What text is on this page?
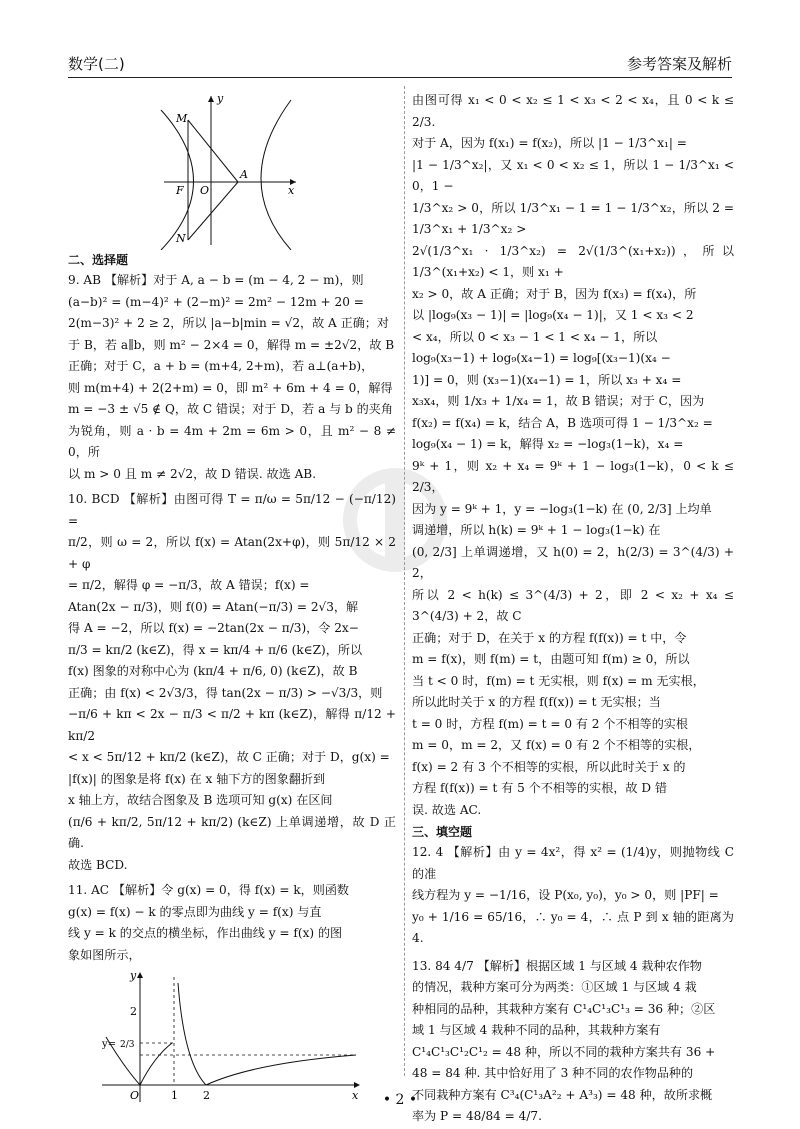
数学(二)	参考答案及解析
x
y
M
N
F O
A

二、选择题

9. AB 【解析】对于 A, a − b = (m − 4, 2 − m)，则

(a−b)² = (m−4)² + (2−m)² = 2m² − 12m + 20 =

2(m−3)² + 2 ≥ 2，所以 |a−b|min = √2，故 A 正确；对

于 B，若 a∥b，则 m² − 2×4 = 0，解得 m = ±2√2，故 B

正确；对于 C，a + b = (m+4, 2+m)，若 a⊥(a+b)，

则 m(m+4) + 2(2+m) = 0，即 m² + 6m + 4 = 0，解得

m = −3 ± √5 ∉ Q，故 C 错误；对于 D，若 a 与 b 的夹角

为锐角，则 a · b = 4m + 2m = 6m > 0，且 m² − 8 ≠ 0，所

以 m > 0 且 m ≠ 2√2，故 D 错误. 故选 AB.

10. BCD 【解析】由图可得 T = π/ω = 5π/12 − (−π/12) =

π/2，则 ω = 2，所以 f(x) = Atan(2x+φ)，则 5π/12 × 2 + φ

= π/2，解得 φ = −π/3，故 A 错误；f(x) =

Atan(2x − π/3)，则 f(0) = Atan(−π/3) = 2√3，解

得 A = −2，所以 f(x) = −2tan(2x − π/3)，令 2x−

π/3 = kπ/2 (k∈Z)，得 x = kπ/4 + π/6 (k∈Z)，所以

f(x) 图象的对称中心为 (kπ/4 + π/6, 0) (k∈Z)，故 B

正确；由 f(x) < 2√3/3，得 tan(2x − π/3) > −√3/3，则

−π/6 + kπ < 2x − π/3 < π/2 + kπ (k∈Z)，解得 π/12 + kπ/2

< x < 5π/12 + kπ/2 (k∈Z)，故 C 正确；对于 D，g(x) =

|f(x)| 的图象是将 f(x) 在 x 轴下方的图象翻折到

x 轴上方，故结合图象及 B 选项可知 g(x) 在区间

(π/6 + kπ/2, 5π/12 + kπ/2) (k∈Z) 上单调递增，故 D 正确.

故选 BCD.

11. AC 【解析】令 g(x) = 0，得 f(x) = k，则函数

g(x) = f(x) − k 的零点即为曲线 y = f(x) 与直

线 y = k 的交点的横坐标，作出曲线 y = f(x) 的图

象如图所示，

y
x
O	1 2
2
y= 2/3

由图可得 x₁ < 0 < x₂ ≤ 1 < x₃ < 2 < x₄，且 0 < k ≤ 2/3.

对于 A，因为 f(x₁) = f(x₂)，所以 |1 − 1/3^x₁| =

|1 − 1/3^x₂|，又 x₁ < 0 < x₂ ≤ 1，所以 1 − 1/3^x₁ < 0，1 −

1/3^x₂ > 0，所以 1/3^x₁ − 1 = 1 − 1/3^x₂，所以 2 = 1/3^x₁ + 1/3^x₂ >

2√(1/3^x₁ · 1/3^x₂) = 2√(1/3^(x₁+x₂))，所以 1/3^(x₁+x₂) < 1，则 x₁ +

x₂ > 0，故 A 正确；对于 B，因为 f(x₃) = f(x₄)，所

以 |log₉(x₃ − 1)| = |log₉(x₄ − 1)|，又 1 < x₃ < 2

< x₄，所以 0 < x₃ − 1 < 1 < x₄ − 1，所以

log₉(x₃−1) + log₉(x₄−1) = log₉[(x₃−1)(x₄ −

1)] = 0，则 (x₃−1)(x₄−1) = 1，所以 x₃ + x₄ =

x₃x₄，则 1/x₃ + 1/x₄ = 1，故 B 错误；对于 C，因为

f(x₂) = f(x₄) = k，结合 A，B 选项可得 1 − 1/3^x₂ =

log₉(x₄ − 1) = k，解得 x₂ = −log₃(1−k)，x₄ =

9ᵏ + 1，则 x₂ + x₄ = 9ᵏ + 1 − log₃(1−k)，0 < k ≤ 2/3，

因为 y = 9ᵏ + 1，y = −log₃(1−k) 在 (0, 2/3] 上均单

调递增，所以 h(k) = 9ᵏ + 1 − log₃(1−k) 在

(0, 2/3] 上单调递增，又 h(0) = 2，h(2/3) = 3^(4/3) + 2，

所以 2 < h(k) ≤ 3^(4/3) + 2，即 2 < x₂ + x₄ ≤ 3^(4/3) + 2，故 C

正确；对于 D，在关于 x 的方程 f(f(x)) = t 中，令

m = f(x)，则 f(m) = t，由题可知 f(m) ≥ 0，所以

当 t < 0 时，f(m) = t 无实根，则 f(x) = m 无实根，

所以此时关于 x 的方程 f(f(x)) = t 无实根；当

t = 0 时，方程 f(m) = t = 0 有 2 个不相等的实根

m = 0，m = 2，又 f(x) = 0 有 2 个不相等的实根，

f(x) = 2 有 3 个不相等的实根，所以此时关于 x 的

方程 f(f(x)) = t 有 5 个不相等的实根，故 D 错

误. 故选 AC.

三、填空题

12. 4 【解析】由 y = 4x²，得 x² = (1/4)y，则抛物线 C 的准

线方程为 y = −1/16，设 P(x₀, y₀)，y₀ > 0，则 |PF| =

y₀ + 1/16 = 65/16，∴ y₀ = 4，∴ 点 P 到 x 轴的距离为 4.

13. 84 4/7 【解析】根据区域 1 与区域 4 栽种农作物

的情况，栽种方案可分为两类：①区域 1 与区域 4 栽

种相同的品种，其栽种方案有 C¹₄C¹₃C¹₃ = 36 种；②区

域 1 与区域 4 栽种不同的品种，其栽种方案有

C¹₄C¹₃C¹₂C¹₂ = 48 种，所以不同的栽种方案共有 36 +

48 = 84 种. 其中恰好用了 3 种不同的农作物品种的

不同栽种方案有 C³₄(C¹₃A²₂ + A³₃) = 48 种，故所求概

率为 P = 48/84 = 4/7.

• 2 •
